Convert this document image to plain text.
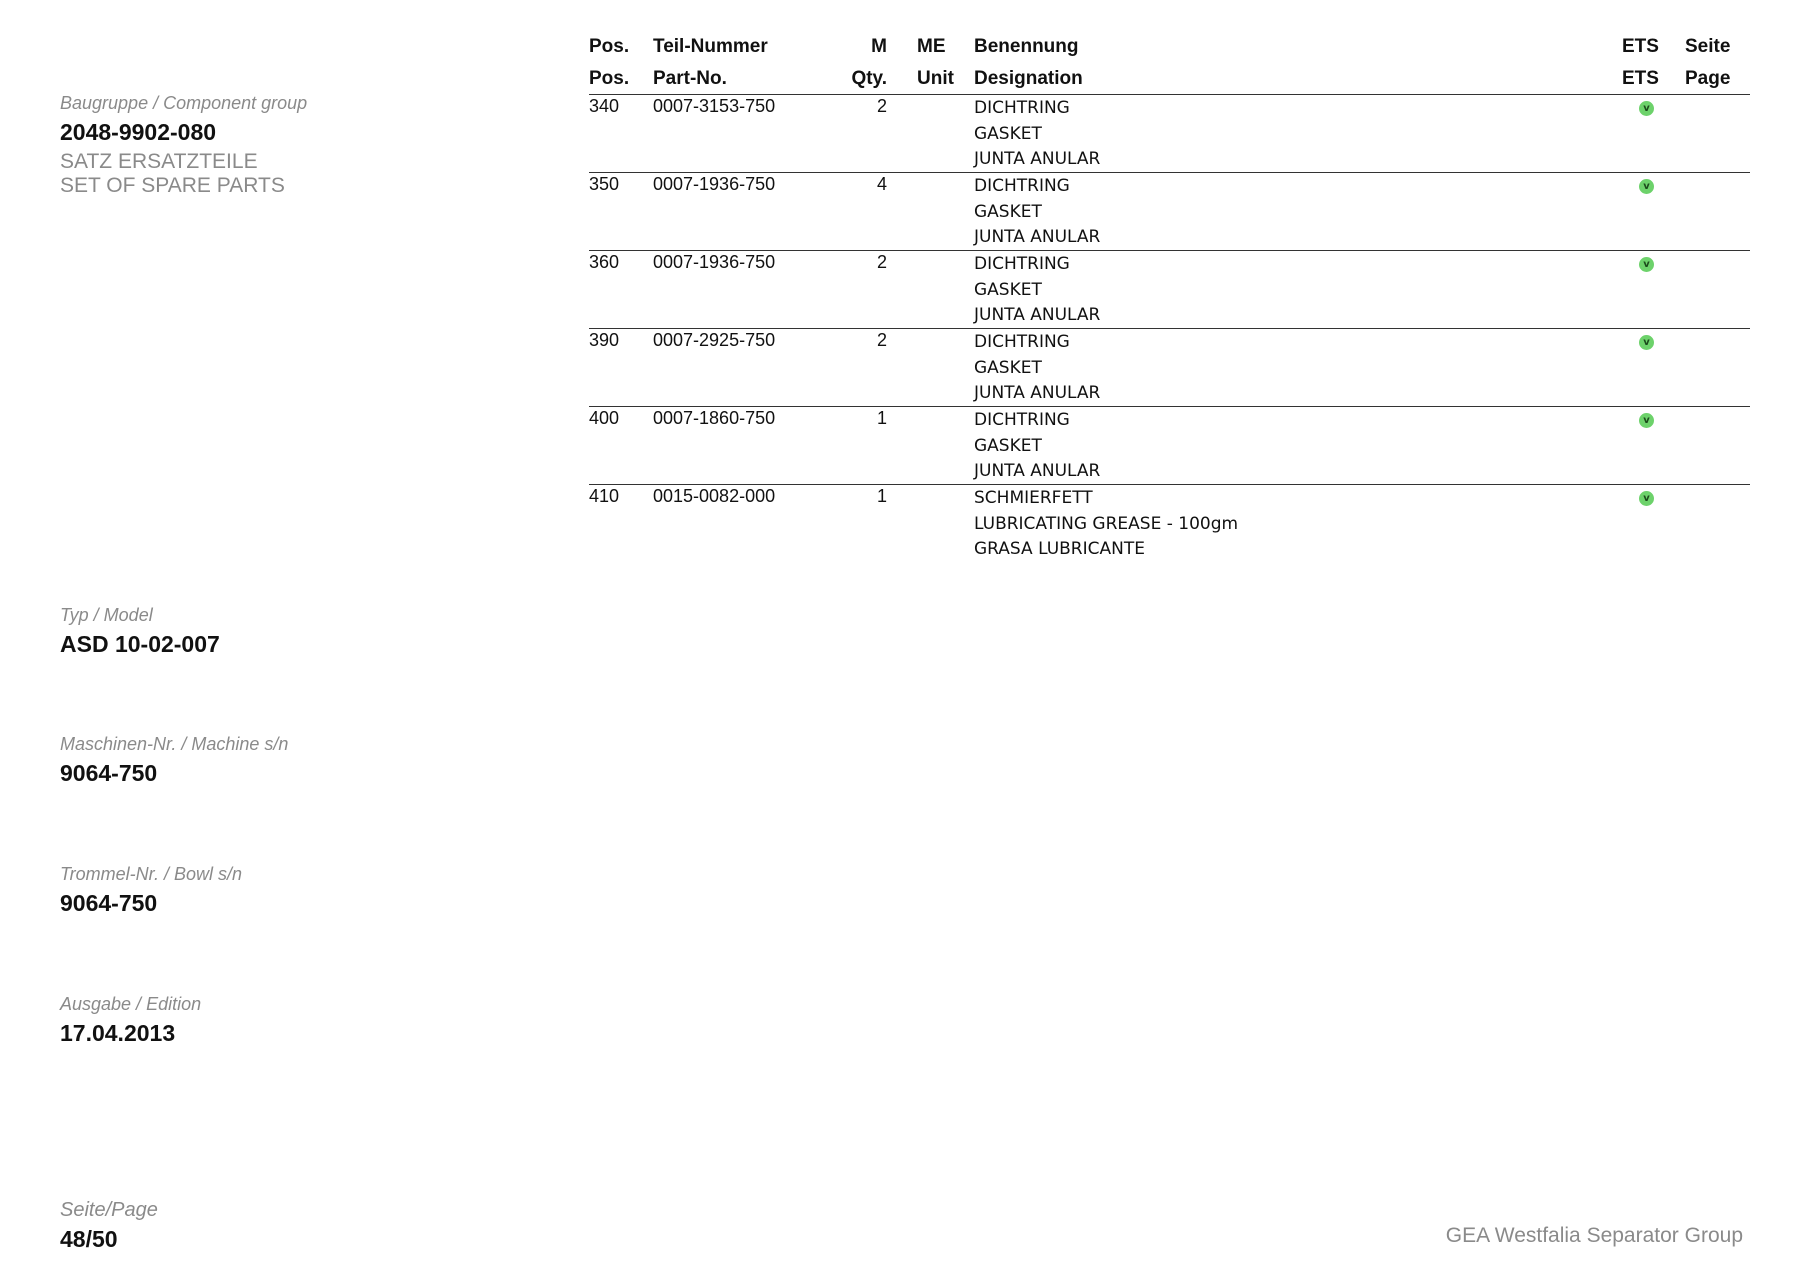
Baugruppe / Component group
2048-9902-080
SATZ ERSATZTEILE
SET OF SPARE PARTS
Typ / Model
ASD 10-02-007
Maschinen-Nr. / Machine s/n
9064-750
Trommel-Nr. / Bowl s/n
9064-750
Ausgabe / Edition
17.04.2013
Seite/Page
48/50
Pos. Teil-Nummer	M ME Benennung	ETS Seite
Pos. Part-No.	Qty. Unit Designation	ETS Page
340 0007-3153-750	2	DICHTRING
GASKET
JUNTA ANULAR
v
350 0007-1936-750	4	DICHTRING
GASKET
JUNTA ANULAR
v
360 0007-1936-750	2	DICHTRING
GASKET
JUNTA ANULAR
v
390 0007-2925-750	2	DICHTRING
GASKET
JUNTA ANULAR
v
400 0007-1860-750	1	DICHTRING
GASKET
JUNTA ANULAR
v
410 0015-0082-000	1	SCHMIERFETT
LUBRICATING GREASE - 100gm
GRASA LUBRICANTE
v
GEA Westfalia Separator Group
